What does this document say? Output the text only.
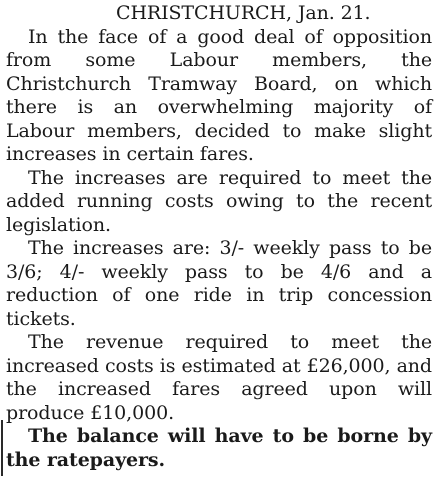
CHRISTCHURCH, Jan. 21.

In the face of a good deal of opposition from some Labour members, the Christchurch Tramway Board, on which there is an overwhelming majority of Labour members, decided to make slight increases in certain fares.

The increases are required to meet the added running costs owing to the recent legislation.

The increases are: 3/- weekly pass to be 3/6; 4/- weekly pass to be 4/6 and a reduction of one ride in trip concession tickets.

The revenue required to meet the increased costs is estimated at £26,000, and the increased fares agreed upon will produce £10,000.

The balance will have to be borne by the ratepayers.
